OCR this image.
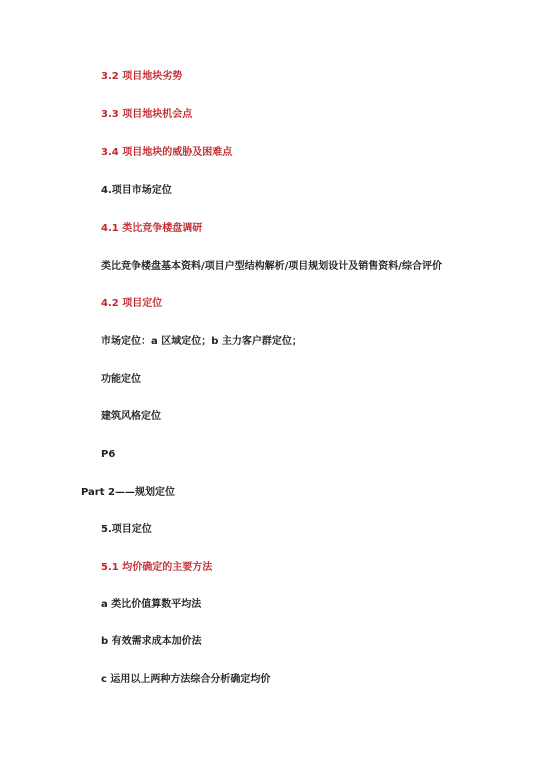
3.2 项目地块劣势
3.3 项目地块机会点
3.4 项目地块的威胁及困难点
4.项目市场定位
4.1 类比竞争楼盘调研
类比竞争楼盘基本资料/项目户型结构解析/项目规划设计及销售资料/综合评价
4.2 项目定位
市场定位：a 区域定位；b 主力客户群定位；
功能定位
建筑风格定位
P6
Part 2——规划定位
5.项目定位
5.1 均价确定的主要方法
a 类比价值算数平均法
b 有效需求成本加价法
c 运用以上两种方法综合分析确定均价
